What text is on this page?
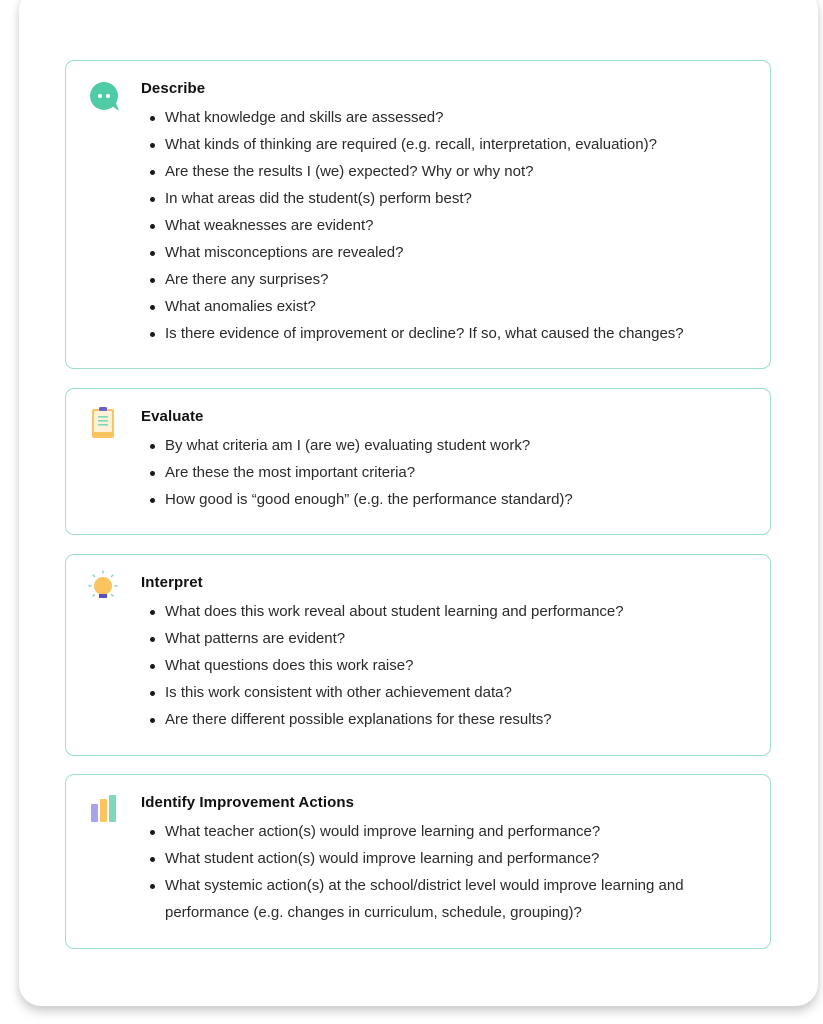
Describe
What knowledge and skills are assessed?
What kinds of thinking are required (e.g. recall, interpretation, evaluation)?
Are these the results I (we) expected? Why or why not?
In what areas did the student(s) perform best?
What weaknesses are evident?
What misconceptions are revealed?
Are there any surprises?
What anomalies exist?
Is there evidence of improvement or decline? If so, what caused the changes?
Evaluate
By what criteria am I (are we) evaluating student work?
Are these the most important criteria?
How good is “good enough” (e.g. the performance standard)?
Interpret
What does this work reveal about student learning and performance?
What patterns are evident?
What questions does this work raise?
Is this work consistent with other achievement data?
Are there different possible explanations for these results?
Identify Improvement Actions
What teacher action(s) would improve learning and performance?
What student action(s) would improve learning and performance?
What systemic action(s) at the school/district level would improve learning and performance (e.g. changes in curriculum, schedule, grouping)?
